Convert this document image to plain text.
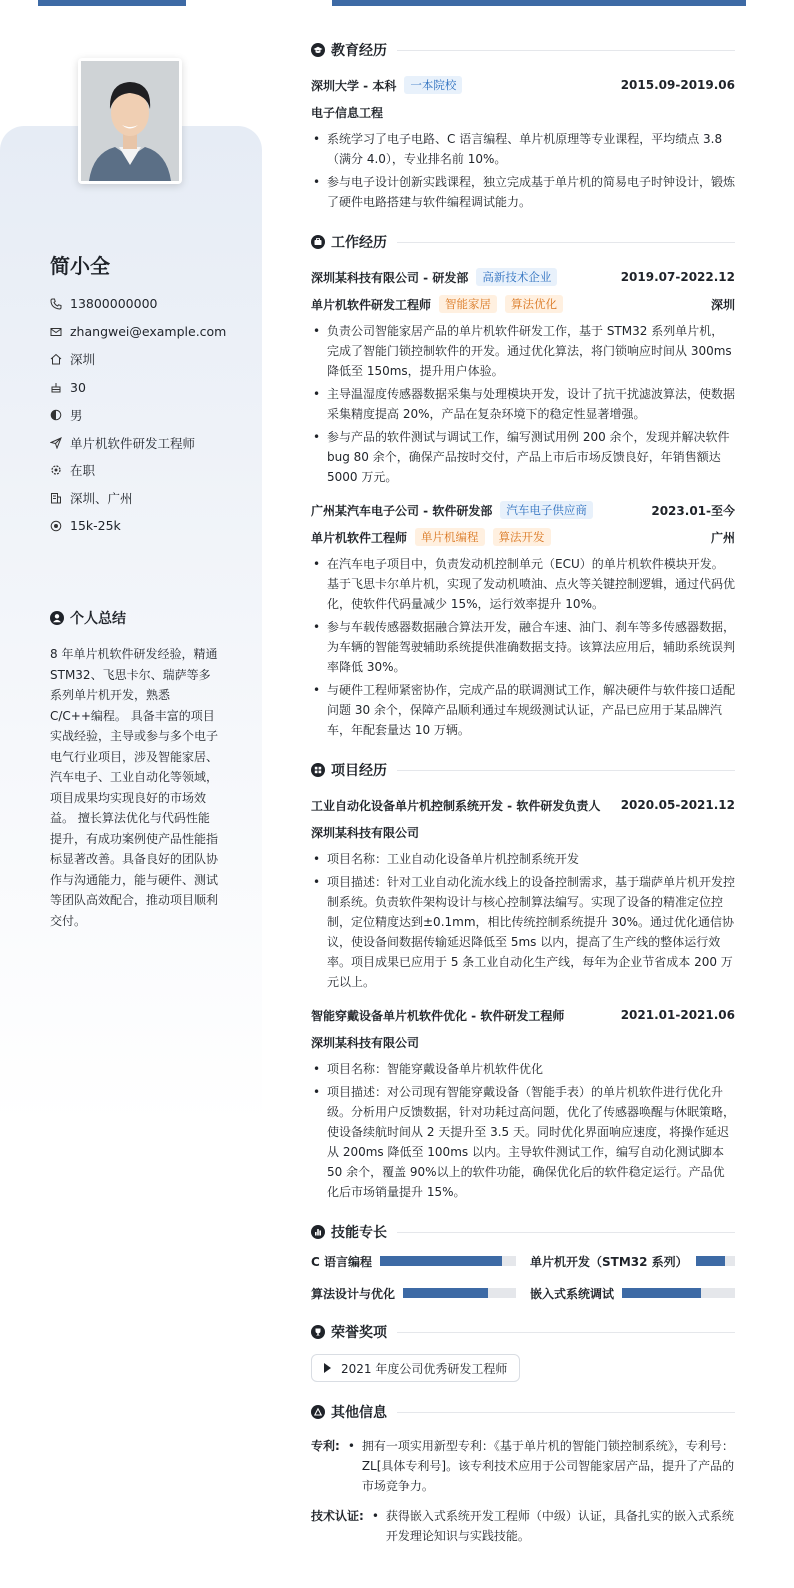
简小全
13800000000
zhangwei@example.com
深圳
30
男
单片机软件研发工程师
在职
深圳、广州
15k-25k
个人总结
8 年单片机软件研发经验，精通 STM32、飞思卡尔、瑞萨等多系列单片机开发，熟悉 C/C++编程。 具备丰富的项目实战经验，主导或参与多个电子电气行业项目，涉及智能家居、汽车电子、工业自动化等领域，项目成果均实现良好的市场效益。 擅长算法优化与代码性能提升，有成功案例使产品性能指标显著改善。具备良好的团队协作与沟通能力，能与硬件、测试等团队高效配合，推动项目顺利交付。
教育经历
深圳大学 - 本科	一本院校	2015.09-2019.06
电子信息工程
• 系统学习了电子电路、C 语言编程、单片机原理等专业课程，平均绩点 3.8（满分 4.0），专业排名前 10%。
• 参与电子设计创新实践课程，独立完成基于单片机的简易电子时钟设计，锻炼了硬件电路搭建与软件编程调试能力。
工作经历
深圳某科技有限公司 - 研发部	高新技术企业	2019.07-2022.12
单片机软件研发工程师	智能家居	算法优化	深圳
• 负责公司智能家居产品的单片机软件研发工作，基于 STM32 系列单片机，完成了智能门锁控制软件的开发。通过优化算法，将门锁响应时间从 300ms 降低至 150ms，提升用户体验。
• 主导温湿度传感器数据采集与处理模块开发，设计了抗干扰滤波算法，使数据采集精度提高 20%，产品在复杂环境下的稳定性显著增强。
• 参与产品的软件测试与调试工作，编写测试用例 200 余个，发现并解决软件 bug 80 余个，确保产品按时交付，产品上市后市场反馈良好，年销售额达 5000 万元。
广州某汽车电子公司 - 软件研发部	汽车电子供应商	2023.01-至今
单片机软件工程师	单片机编程	算法开发	广州
• 在汽车电子项目中，负责发动机控制单元（ECU）的单片机软件模块开发。基于飞思卡尔单片机，实现了发动机喷油、点火等关键控制逻辑，通过代码优化，使软件代码量减少 15%，运行效率提升 10%。
• 参与车载传感器数据融合算法开发，融合车速、油门、刹车等多传感器数据，为车辆的智能驾驶辅助系统提供准确数据支持。该算法应用后，辅助系统误判率降低 30%。
• 与硬件工程师紧密协作，完成产品的联调测试工作，解决硬件与软件接口适配问题 30 余个，保障产品顺利通过车规级测试认证，产品已应用于某品牌汽车，年配套量达 10 万辆。
项目经历
工业自动化设备单片机控制系统开发 - 软件研发负责人 2020.05-2021.12
深圳某科技有限公司
• 项目名称：工业自动化设备单片机控制系统开发
• 项目描述：针对工业自动化流水线上的设备控制需求，基于瑞萨单片机开发控制系统。负责软件架构设计与核心控制算法编写。实现了设备的精准定位控制，定位精度达到±0.1mm，相比传统控制系统提升 30%。通过优化通信协议，使设备间数据传输延迟降低至 5ms 以内，提高了生产线的整体运行效率。项目成果已应用于 5 条工业自动化生产线，每年为企业节省成本 200 万元以上。
智能穿戴设备单片机软件优化 - 软件研发工程师	2021.01-2021.06
深圳某科技有限公司
• 项目名称：智能穿戴设备单片机软件优化
• 项目描述：对公司现有智能穿戴设备（智能手表）的单片机软件进行优化升级。分析用户反馈数据，针对功耗过高问题，优化了传感器唤醒与休眠策略，使设备续航时间从 2 天提升至 3.5 天。同时优化界面响应速度，将操作延迟从 200ms 降低至 100ms 以内。主导软件测试工作，编写自动化测试脚本 50 余个，覆盖 90%以上的软件功能，确保优化后的软件稳定运行。产品优化后市场销量提升 15%。
技能专长
C 语言编程	单片机开发（STM32 系列）
算法设计与优化	嵌入式系统调试
荣誉奖项
2021 年度公司优秀研发工程师
其他信息
专利:	• 拥有一项实用新型专利：《基于单片机的智能门锁控制系统》，专利号：ZL[具体专利号]。该专利技术应用于公司智能家居产品，提升了产品的市场竞争力。
技术认证:	• 获得嵌入式系统开发工程师（中级）认证，具备扎实的嵌入式系统开发理论知识与实践技能。
